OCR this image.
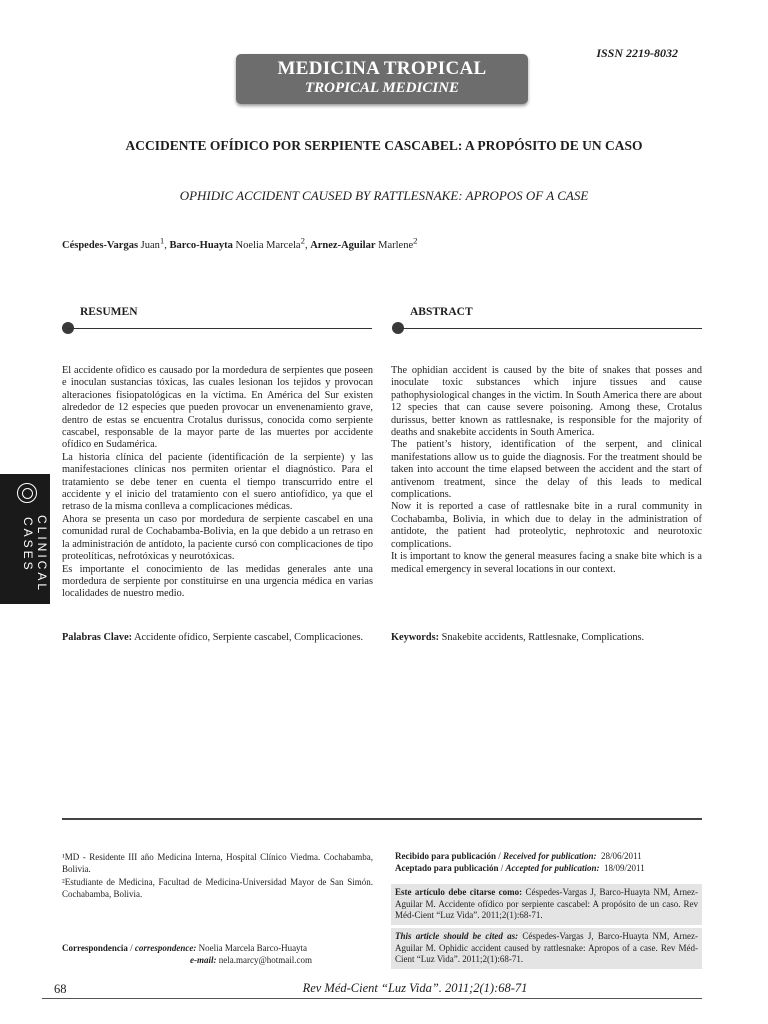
ISSN 2219-8032
MEDICINA TROPICAL
TROPICAL MEDICINE
ACCIDENTE OFÍDICO POR SERPIENTE CASCABEL: A PROPÓSITO DE UN CASO
OPHIDIC ACCIDENT CAUSED BY RATTLESNAKE: APROPOS OF A CASE
Céspedes-Vargas Juan$^1$, Barco-Huayta Noelia Marcela$^2$, Arnez-Aguilar Marlene$^2$
RESUMEN	ABSTRACT

El accidente ofídico es causado por la mordedura de serpientes que poseen e inoculan sustancias tóxicas, las cuales lesionan los tejidos y provocan alteraciones fisiopatológicas en la víctima. En América del Sur existen alrededor de 12 especies que pueden provocar un envenenamiento grave, dentro de estas se encuentra Crotalus durissus, conocida como serpiente cascabel, responsable de la mayor parte de las muertes por accidente ofídico en Sudamérica.

La historia clínica del paciente (identificación de la serpiente) y las manifestaciones clínicas nos permiten orientar el diagnóstico. Para el tratamiento se debe tener en cuenta el tiempo transcurrido entre el accidente y el inicio del tratamiento con el suero antiofídico, ya que el retraso de la misma conlleva a complicaciones médicas.

Ahora se presenta un caso por mordedura de serpiente cascabel en una comunidad rural de Cochabamba-Bolivia, en la que debido a un retraso en la administración de antídoto, la paciente cursó con complicaciones de tipo proteolíticas, nefrotóxicas y neurotóxicas.

Es importante el conocimiento de las medidas generales ante una mordedura de serpiente por constituirse en una urgencia médica en varias localidades de nuestro medio.

Palabras Clave: Accidente ofídico, Serpiente cascabel, Complicaciones.

The ophidian accident is caused by the bite of snakes that posses and inoculate toxic substances which injure tissues and cause pathophysiological changes in the victim. In South America there are about 12 species that can cause severe poisoning. Among these, Crotalus durissus, better known as rattlesnake, is responsible for the majority of deaths and snakebite accidents in South America.

The patient’s history, identification of the serpent, and clinical manifestations allow us to guide the diagnosis. For the treatment should be taken into account the time elapsed between the accident and the start of antivenom treatment, since the delay of this leads to medical complications.

Now it is reported a case of rattlesnake bite in a rural community in Cochabamba, Bolivia, in which due to delay in the administration of antidote, the patient had proteolytic, nephrotoxic and neurotoxic complications.

It is important to know the general measures facing a snake bite which is a medical emergency in several locations in our context.

Keywords: Snakebite accidents, Rattlesnake, Complications.
CLINICAL
CASES
¹MD - Residente III año Medicina Interna, Hospital Clínico Viedma. Cochabamba, Bolivia.
²Estudiante de Medicina, Facultad de Medicina-Universidad Mayor de San Simón. Cochabamba, Bolivia.
Correspondencia / correspondence: Noelia Marcela Barco-Huayta
e-mail: nela.marcy@hotmail.com
Recibido para publicación / Received for publication: 28/06/2011
Aceptado para publicación / Accepted for publication: 18/09/2011
Este artículo debe citarse como: Céspedes-Vargas J, Barco-Huayta NM, Arnez-Aguilar M. Accidente ofídico por serpiente cascabel: A propósito de un caso. Rev Méd-Cient “Luz Vida”. 2011;2(1):68-71.
This article should be cited as: Céspedes-Vargas J, Barco-Huayta NM, Arnez-Aguilar M. Ophidic accident caused by rattlesnake: Apropos of a case. Rev Méd-Cient “Luz Vida”. 2011;2(1):68-71.
68	Rev Méd-Cient “Luz Vida”. 2011;2(1):68-71
